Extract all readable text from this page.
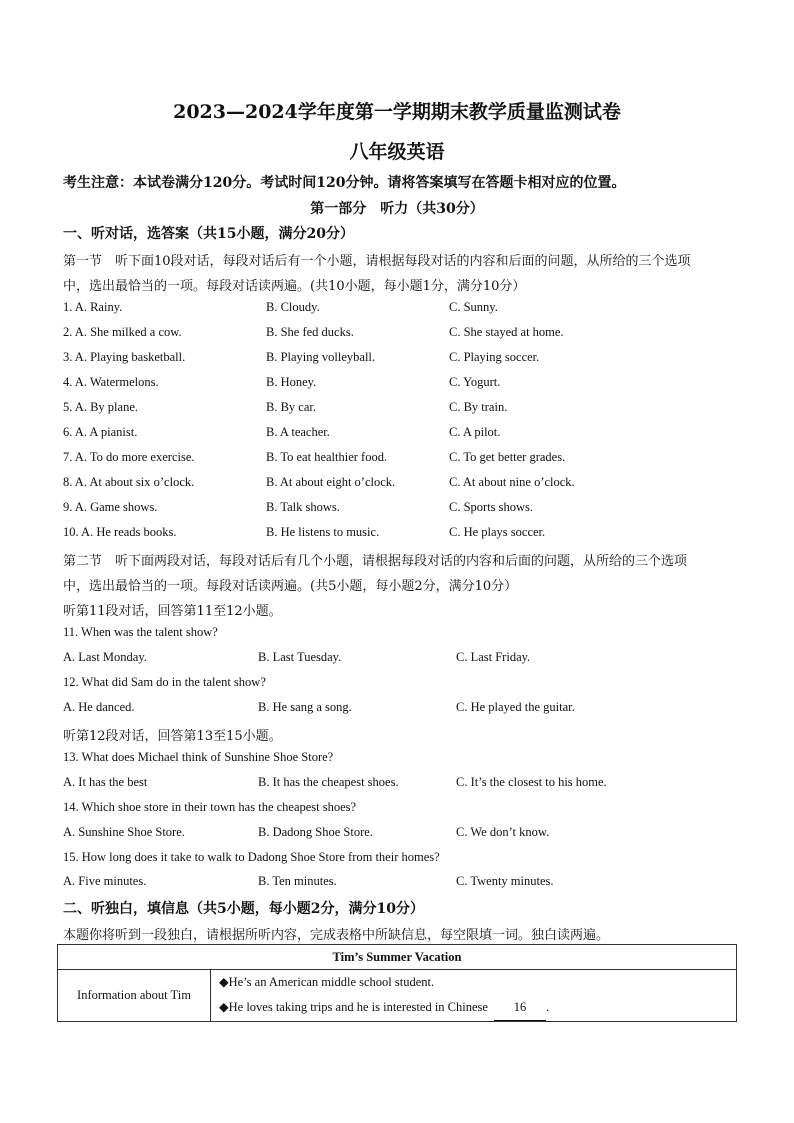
2023—2024学年度第一学期期末教学质量监测试卷
八年级英语
考生注意：本试卷满分120分。考试时间120分钟。请将答案填写在答题卡相对应的位置。
第一部分　听力（共30分）
一、听对话，选答案（共15小题，满分20分）
第一节　听下面10段对话，每段对话后有一个小题，请根据每段对话的内容和后面的问题，从所给的三个选项
中，选出最恰当的一项。每段对话读两遍。(共10小题，每小题1分，满分10分）
1. A. Rainy.	B. Cloudy.	C. Sunny.
2. A. She milked a cow.	B. She fed ducks.	C. She stayed at home.
3. A. Playing basketball.	B. Playing volleyball.	C. Playing soccer.
4. A. Watermelons.	B. Honey.	C. Yogurt.
5. A. By plane.	B. By car.	C. By train.
6. A. A pianist.	B. A teacher.	C. A pilot.
7. A. To do more exercise.	B. To eat healthier food.	C. To get better grades.
8. A. At about six o’clock.	B. At about eight o’clock.	C. At about nine o’clock.
9. A. Game shows.	B. Talk shows.	C. Sports shows.
10. A. He reads books.	B. He listens to music.	C. He plays soccer.
第二节　听下面两段对话，每段对话后有几个小题，请根据每段对话的内容和后面的问题，从所给的三个选项
中，选出最恰当的一项。每段对话读两遍。(共5小题，每小题2分，满分10分）
听第11段对话，回答第11至12小题。
11. When was the talent show?
A. Last Monday.	B. Last Tuesday.	C. Last Friday.
12. What did Sam do in the talent show?
A. He danced.	B. He sang a song.	C. He played the guitar.
听第12段对话，回答第13至15小题。
13. What does Michael think of Sunshine Shoe Store?
A. It has the best	B. It has the cheapest shoes.	C. It’s the closest to his home.
14. Which shoe store in their town has the cheapest shoes?
A. Sunshine Shoe Store.	B. Dadong Shoe Store.	C. We don’t know.
15. How long does it take to walk to Dadong Shoe Store from their homes?
A. Five minutes.	B. Ten minutes.	C. Twenty minutes.
二、听独白，填信息（共5小题，每小题2分，满分10分）
本题你将听到一段独白，请根据所听内容，完成表格中所缺信息，每空限填一词。独白读两遍。
Tim’s Summer Vacation
Information about Tim	◆He’s an American middle school student.
◆He loves taking trips and he is interested in Chinese 16 .
